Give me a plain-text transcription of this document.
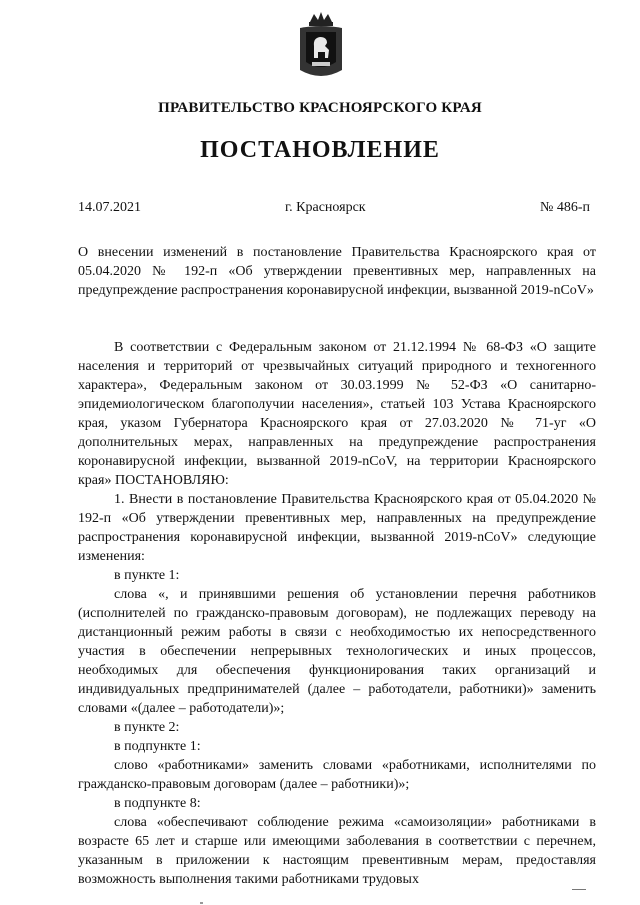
ПРАВИТЕЛЬСТВО КРАСНОЯРСКОГО КРАЯ
ПОСТАНОВЛЕНИЕ
14.07.2021	г. Красноярск	№ 486-п

О внесении изменений в постановление Правительства Красноярского края от 05.04.2020 № 192-п «Об утверждении превентивных мер, направленных на предупреждение распространения коронавирусной инфекции, вызванной 2019-nCoV»

В соответствии с Федеральным законом от 21.12.1994 № 68-ФЗ «О защите населения и территорий от чрезвычайных ситуаций природного и техногенного характера», Федеральным законом от 30.03.1999 № 52-ФЗ «О санитарно-эпидемиологическом благополучии населения», статьей 103 Устава Красноярского края, указом Губернатора Красноярского края от 27.03.2020 № 71-уг «О дополнительных мерах, направленных на предупреждение распространения коронавирусной инфекции, вызванной 2019-nCoV, на территории Красноярского края» ПОСТАНОВЛЯЮ:

1. Внести в постановление Правительства Красноярского края от 05.04.2020 № 192-п «Об утверждении превентивных мер, направленных на предупреждение распространения коронавирусной инфекции, вызванной 2019-nCoV» следующие изменения:

в пункте 1:

слова «, и принявшими решения об установлении перечня работников (исполнителей по гражданско-правовым договорам), не подлежащих переводу на дистанционный режим работы в связи с необходимостью их непосредственного участия в обеспечении непрерывных технологических и иных процессов, необходимых для обеспечения функционирования таких организаций и индивидуальных предпринимателей (далее – работодатели, работники)» заменить словами «(далее – работодатели)»;

в пункте 2:

в подпункте 1:

слово «работниками» заменить словами «работниками, исполнителями по гражданско-правовым договорам (далее – работники)»;

в подпункте 8:

слова «обеспечивают соблюдение режима «самоизоляции» работниками в возрасте 65 лет и старше или имеющими заболевания в соответствии с перечнем, указанным в приложении к настоящим превентивным мерам, предоставляя возможность выполнения такими работниками трудовых
